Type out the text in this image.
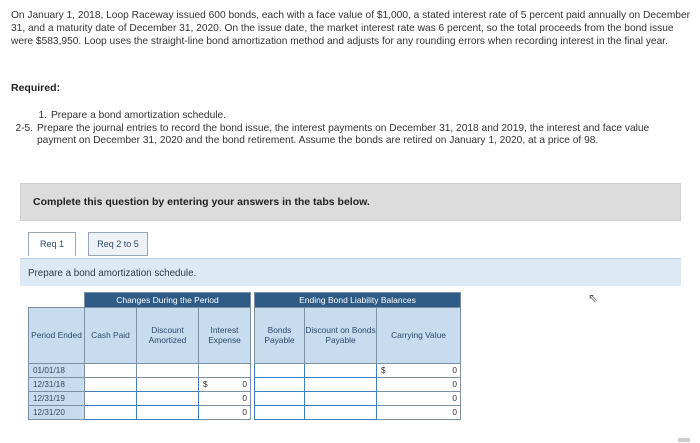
On January 1, 2018, Loop Raceway issued 600 bonds, each with a face value of $1,000, a stated interest rate of 5 percent paid annually on December 31, and a maturity date of December 31, 2020. On the issue date, the market interest rate was 6 percent, so the total proceeds from the bond issue were $583,950. Loop uses the straight-line bond amortization method and adjusts for any rounding errors when recording interest in the final year.
Required:
1. Prepare a bond amortization schedule.
2-5. Prepare the journal entries to record the bond issue, the interest payments on December 31, 2018 and 2019, the interest and face value payment on December 31, 2020 and the bond retirement. Assume the bonds are retired on January 1, 2020, at a price of 98.
Complete this question by entering your answers in the tabs below.
Req 1	Req 2 to 5
Prepare a bond amortization schedule.
⇖
	Changes During the Period				Ending Bond Liability Balances		
Period Ended	Cash Paid	Discount Amortized	Interest Expense		Bonds Payable	Discount on Bonds Payable	Carrying Value
01/01/18							$ 0

12/31/18			$ 0				0

12/31/19			0				0

12/31/20			0				0
